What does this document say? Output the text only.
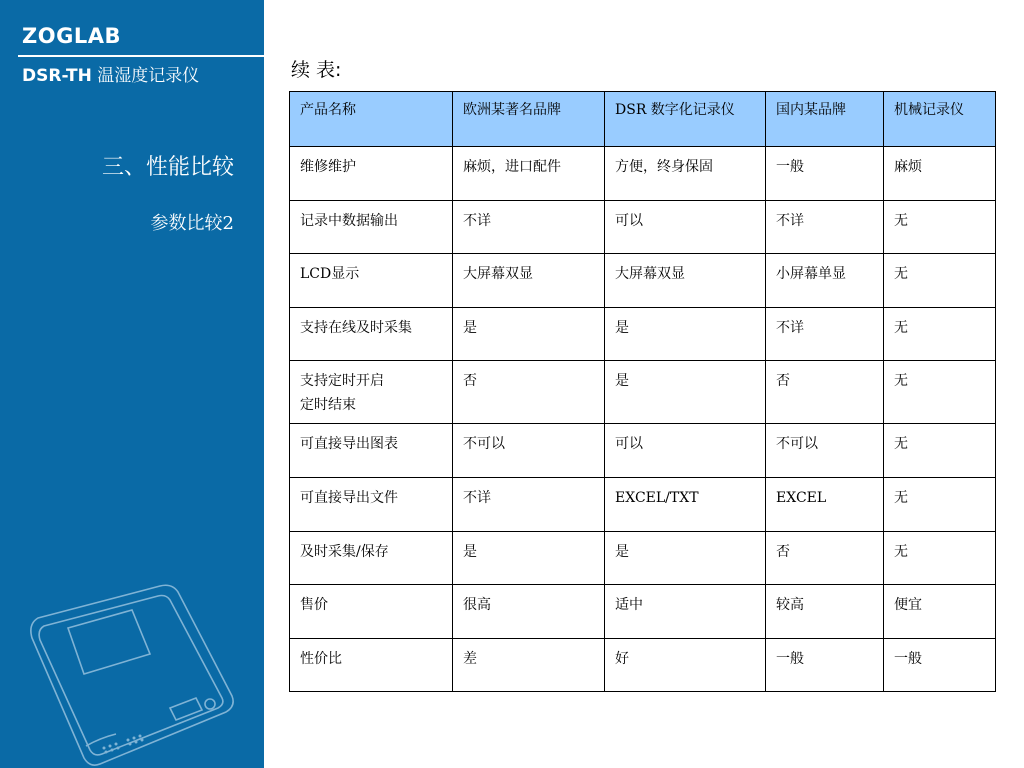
ZOGLAB
DSR-TH 温湿度记录仪
三、性能比较
参数比较2
续 表:
产品名称	欧洲某著名品牌	DSR 数字化记录仪	国内某品牌	机械记录仪
维修维护	麻烦，进口配件	方便，终身保固	一般	麻烦
记录中数据输出	不详	可以	不详	无
LCD显示	大屏幕双显	大屏幕双显	小屏幕单显	无
支持在线及时采集	是	是	不详	无

支持定时开启
定时结束	否	是	否	无
可直接导出图表	不可以	可以	不可以	无
可直接导出文件	不详	EXCEL/TXT	EXCEL	无
及时采集/保存	是	是	否	无
售价	很高	适中	较高	便宜
性价比	差	好	一般	一般
